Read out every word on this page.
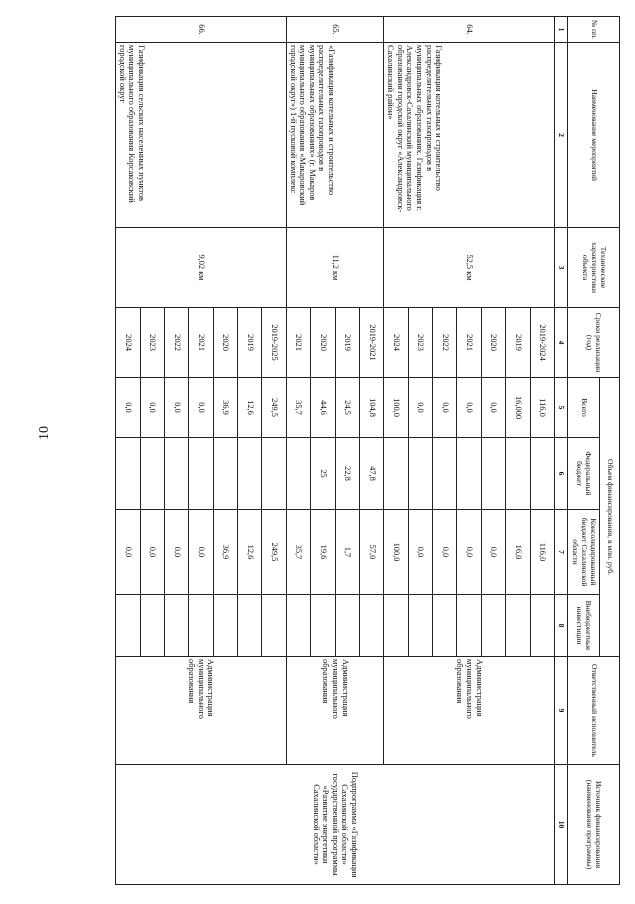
10
№ пп.	Наименование мероприятий	Технические характеристики объекта	Сроки реализации (год)	Объем финансирования, в млн. руб.				Ответственный исполнитель	Источник финансирования (наименование программы)
				Всего	Федеральный бюджет	Консолидированный бюджет Сахалинской области	Внебюджетные инвестиции		
1	2	3	4	5	6	7	8	9	10
64.	Газификация котельных и строительство распределительных газопроводов в муниципальных образованиях. Газификация г. Александровск-Сахалинский муниципального образования городской округ «Александровск-Сахалинский район»	52,5 км	2019-2024	116,0		116,0		Администрация муниципального образования	Подпрограмма «Газификация Сахалинской области» государственной программы «Развитие энергетики Сахалинской области»
			2019	16,000		16,0			
			2020	0,0		0,0			
			2021	0,0		0,0			
			2022	0,0		0,0			
			2023	0,0		0,0			
			2024	100,0		100,0			
65.	«Газификация котельных и строительство распределительных газопроводов в муниципальных образованиях» (г. Макаров муниципального образования «Макаровский городской округ») 1-й пусковой комплекс	11,2 км	2019-2021	104,8	47,8	57,0		Администрация муниципального образования	
			2019	24,5	22,8	1,7			
			2020	44,6	25	19,6			
			2021	35,7		35,7			
66.	Газификация сельских населенных пунктов муниципального образования Корсаковский городской округ	9,02 км	2019-2025	249,5		249,5		Администрация муниципального образования	
			2019	12,6		12,6			
			2020	36,9		36,9			
			2021	0,0		0,0			
			2022	0,0		0,0			
			2023	0,0		0,0			
			2024	0,0		0,0			
